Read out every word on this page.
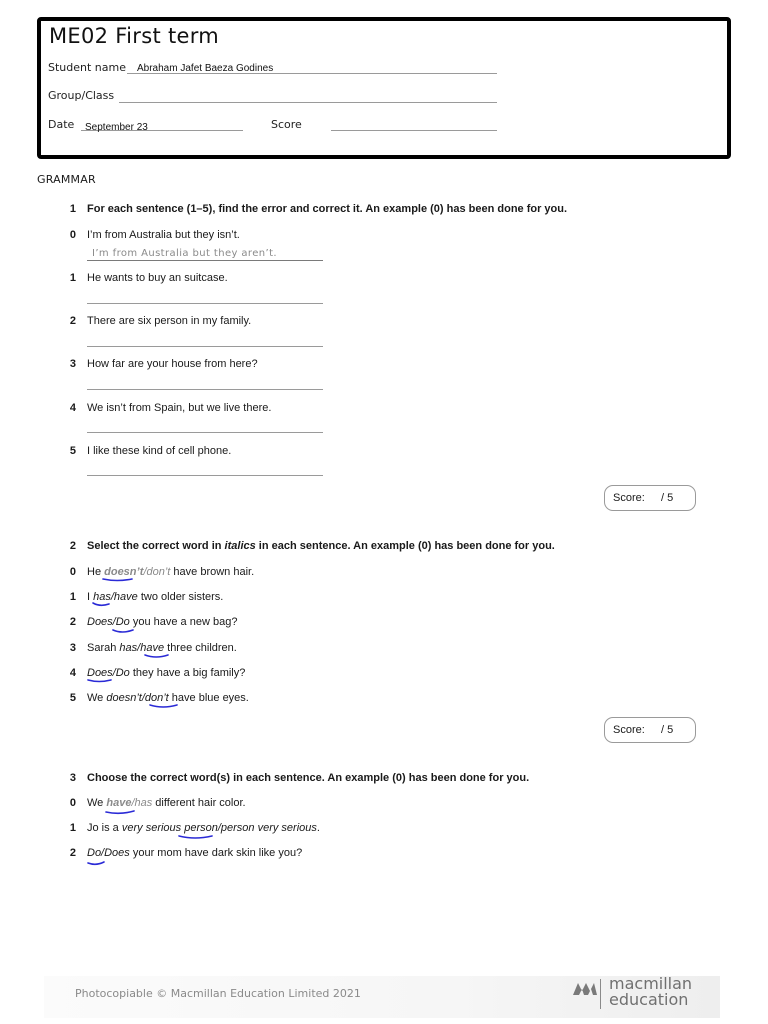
ME02 First term
Student name Abraham Jafet Baeza Godines
Group/Class
Date September 23	Score
GRAMMAR
1 For each sentence (1–5), find the error and correct it. An example (0) has been done for you.
0 I’m from Australia but they isn’t.
I’m from Australia but they aren’t.
1 He wants to buy an suitcase.
2 There are six person in my family.
3 How far are your house from here?
4 We isn’t from Spain, but we live there.
5 I like these kind of cell phone.
Score: / 5
2 Select the correct word in italics in each sentence. An example (0) has been done for you.
0 He doesn’t/don’t have brown hair.
1 I has/have two older sisters.
2 Does/Do you have a new bag?
3 Sarah has/have three children.
4 Does/Do they have a big family?
5 We doesn’t/don’t have blue eyes.
Score: / 5
3 Choose the correct word(s) in each sentence. An example (0) has been done for you.
0 We have/has different hair color.
1 Jo is a very serious person/person very serious.
2 Do/Does your mom have dark skin like you?
Photocopiable © Macmillan Education Limited 2021
macmillan
education
